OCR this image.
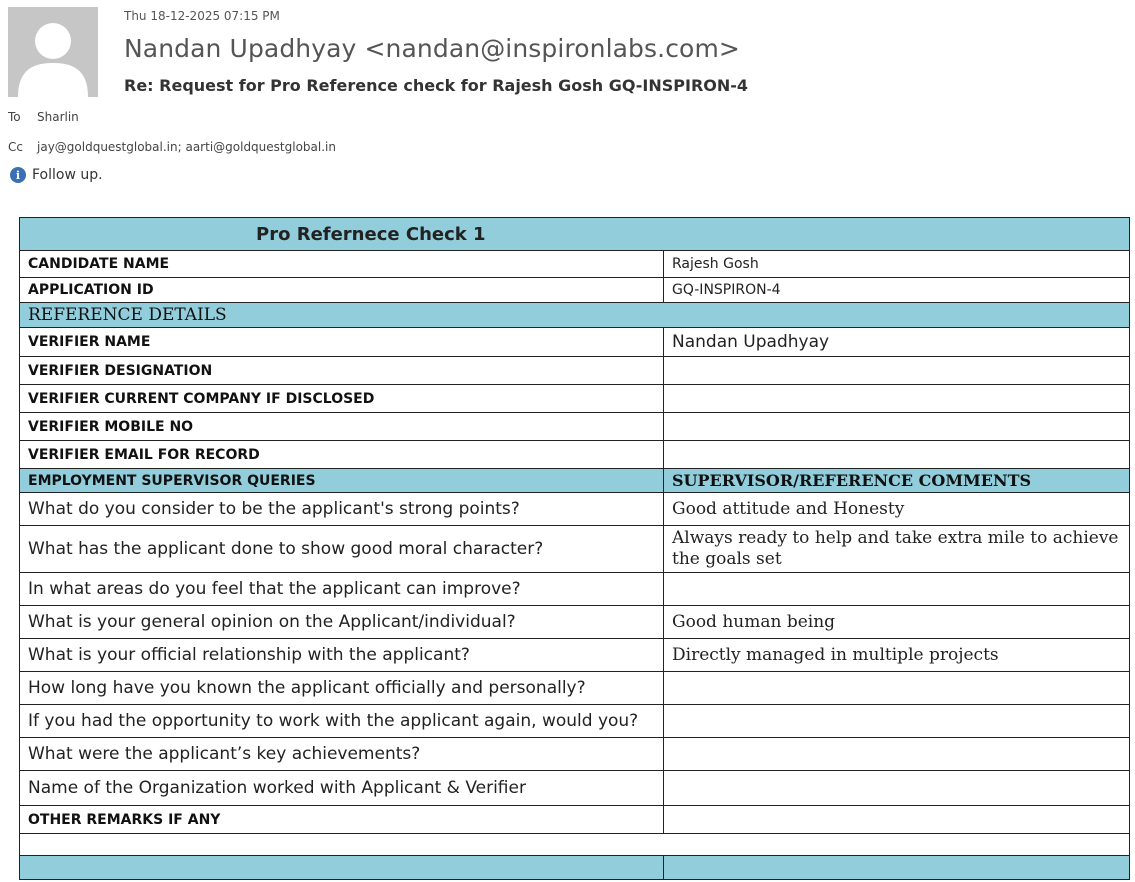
Thu 18-12-2025 07:15 PM
Nandan Upadhyay <nandan@inspironlabs.com>
Re: Request for Pro Reference check for Rajesh Gosh GQ-INSPIRON-4
To Sharlin
Cc jay@goldquestglobal.in; aarti@goldquestglobal.in
i Follow up.
Pro Refernece Check 1	
CANDIDATE NAME	Rajesh Gosh
APPLICATION ID	GQ-INSPIRON-4
REFERENCE DETAILS	
VERIFIER NAME	Nandan Upadhyay
VERIFIER DESIGNATION	
VERIFIER CURRENT COMPANY IF DISCLOSED	
VERIFIER MOBILE NO	
VERIFIER EMAIL FOR RECORD	
EMPLOYMENT SUPERVISOR QUERIES	SUPERVISOR/REFERENCE COMMENTS
What do you consider to be the applicant's strong points?	Good attitude and Honesty
What has the applicant done to show good moral character?	Always ready to help and take extra mile to achieve the goals set
In what areas do you feel that the applicant can improve?	
What is your general opinion on the Applicant/individual?	Good human being
What is your official relationship with the applicant?	Directly managed in multiple projects
How long have you known the applicant officially and personally?	
If you had the opportunity to work with the applicant again, would you?	
What were the applicant’s key achievements?	
Name of the Organization worked with Applicant & Verifier	
OTHER REMARKS IF ANY	
